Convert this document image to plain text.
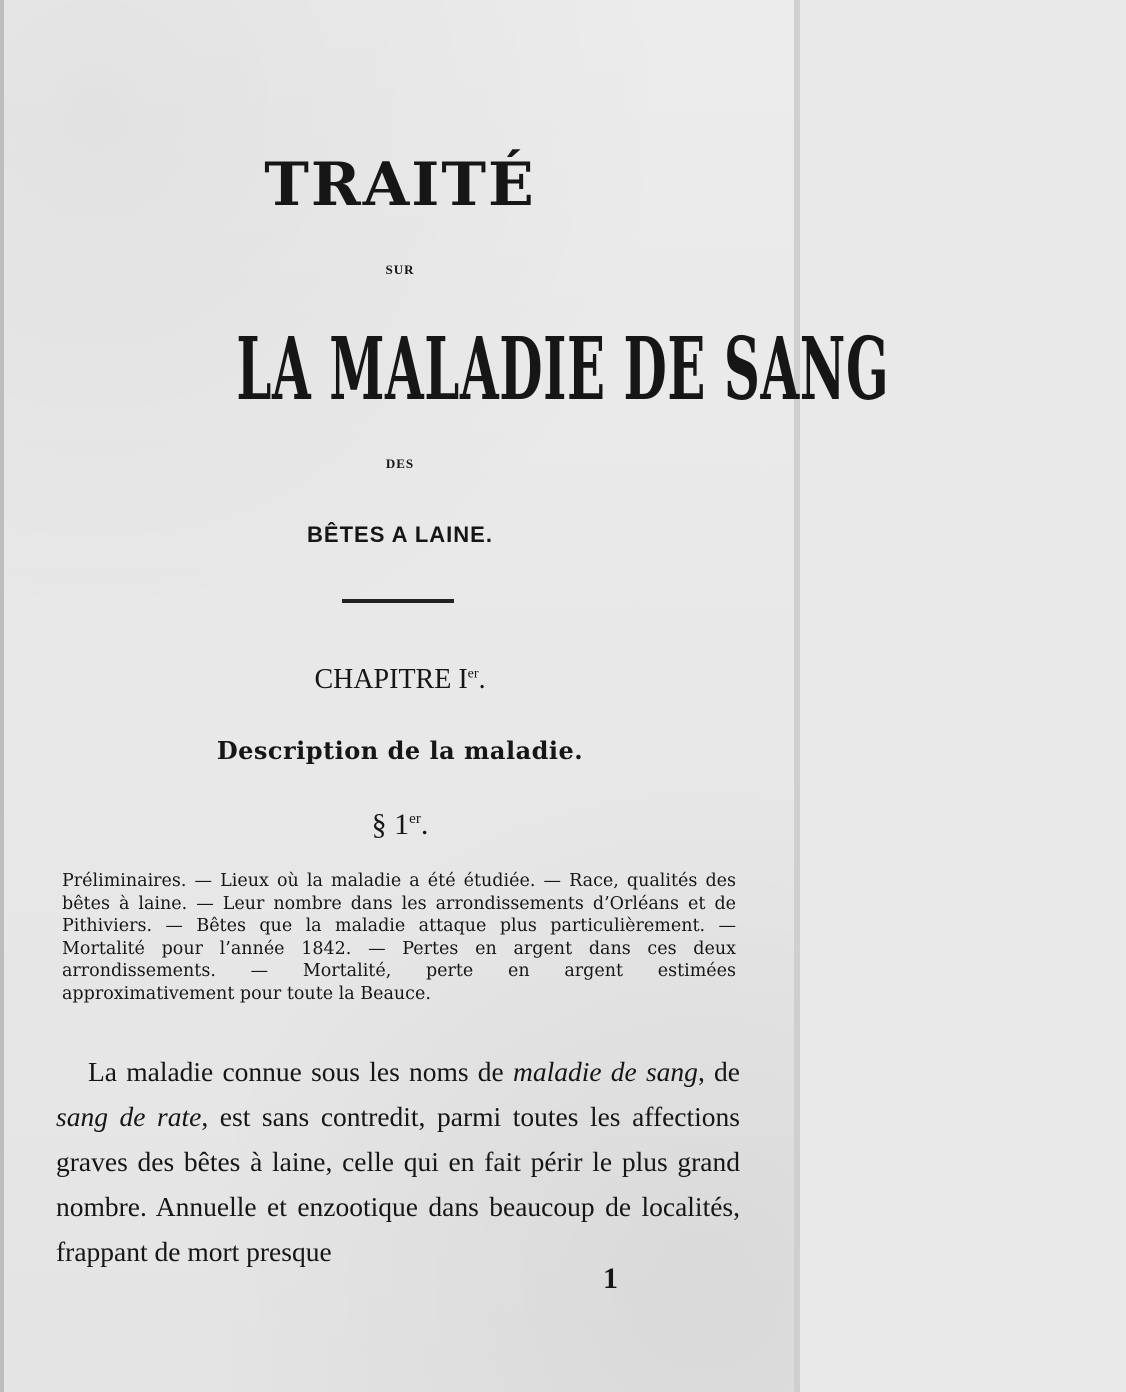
TRAITÉ
SUR
LA MALADIE DE SANG
DES
BÊTES A LAINE.
CHAPITRE Ier.
Description de la maladie.
§ 1er.
Préliminaires. — Lieux où la maladie a été étudiée. — Race, qualités des bêtes à laine. — Leur nombre dans les arrondissements d’Orléans et de Pithiviers. — Bêtes que la maladie attaque plus particulièrement. — Mortalité pour l’année 1842. — Pertes en argent dans ces deux arrondissements. — Mortalité, perte en argent estimées approximativement pour toute la Beauce.
La maladie connue sous les noms de maladie de sang, de sang de rate, est sans contredit, parmi toutes les affections graves des bêtes à laine, celle qui en fait périr le plus grand nombre. Annuelle et enzootique dans beaucoup de localités, frappant de mort presque
1
